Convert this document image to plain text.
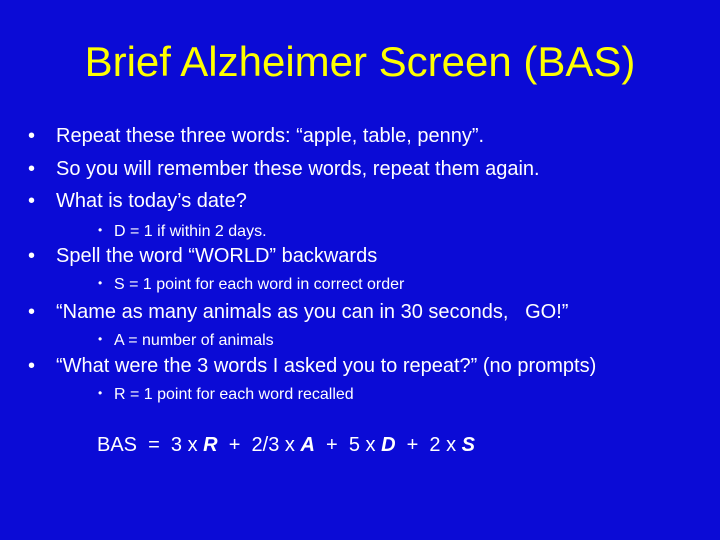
Brief Alzheimer Screen (BAS)
• Repeat these three words: “apple, table, penny”.
• So you will remember these words, repeat them again.
• What is today’s date?
• D = 1 if within 2 days.
• Spell the word “WORLD” backwards
• S = 1 point for each word in correct order
• “Name as many animals as you can in 30 seconds,   GO!”
• A = number of animals
• “What were the 3 words I asked you to repeat?” (no prompts)
• R = 1 point for each word recalled
BAS  =  3 x R  +  2/3 x A  +  5 x D  +  2 x S
